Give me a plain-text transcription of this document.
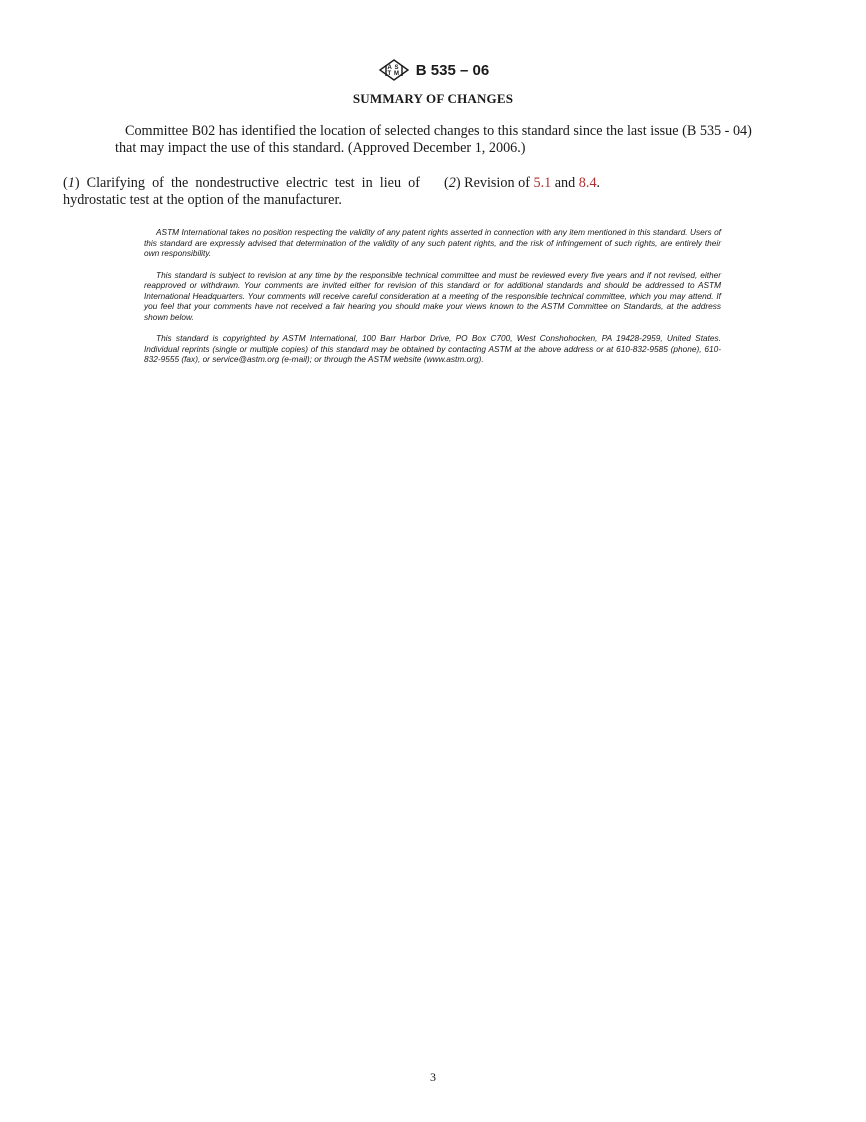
A S
T M B 535 – 06
SUMMARY OF CHANGES

Committee B02 has identified the location of selected changes to this standard since the last issue (B 535 - 04) that may impact the use of this standard. (Approved December 1, 2006.)

(1) Clarifying of the nondestructive electric test in lieu of
hydrostatic test at the option of the manufacturer.
(2) Revision of 5.1 and 8.4.

ASTM International takes no position respecting the validity of any patent rights asserted in connection with any item mentioned in this standard. Users of this standard are expressly advised that determination of the validity of any such patent rights, and the risk of infringement of such rights, are entirely their own responsibility.

This standard is subject to revision at any time by the responsible technical committee and must be reviewed every five years and if not revised, either reapproved or withdrawn. Your comments are invited either for revision of this standard or for additional standards and should be addressed to ASTM International Headquarters. Your comments will receive careful consideration at a meeting of the responsible technical committee, which you may attend. If you feel that your comments have not received a fair hearing you should make your views known to the ASTM Committee on Standards, at the address shown below.

This standard is copyrighted by ASTM International, 100 Barr Harbor Drive, PO Box C700, West Conshohocken, PA 19428-2959, United States. Individual reprints (single or multiple copies) of this standard may be obtained by contacting ASTM at the above address or at 610-832-9585 (phone), 610-832-9555 (fax), or service@astm.org (e-mail); or through the ASTM website (www.astm.org).

3
